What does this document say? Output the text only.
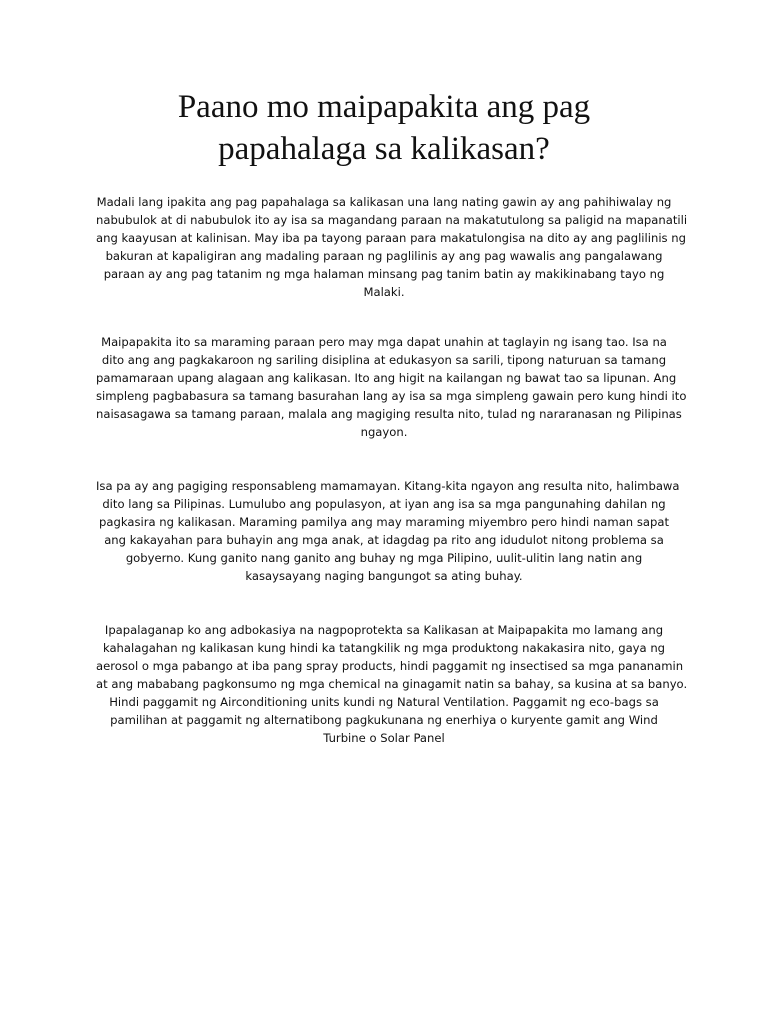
Paano mo maipapakita ang pag
papahalaga sa kalikasan?
Madali lang ipakita ang pag papahalaga sa kalikasan una lang nating gawin ay ang pahihiwalay ng
nabubulok at di nabubulok ito ay isa sa magandang paraan na makatutulong sa paligid na mapanatili
ang kaayusan at kalinisan. May iba pa tayong paraan para makatulongisa na dito ay ang paglilinis ng
bakuran at kapaligiran ang madaling paraan ng paglilinis ay ang pag wawalis ang pangalawang
paraan ay ang pag tatanim ng mga halaman minsang pag tanim batin ay makikinabang tayo ng
Malaki.
Maipapakita ito sa maraming paraan pero may mga dapat unahin at taglayin ng isang tao. Isa na
dito ang ang pagkakaroon ng sariling disiplina at edukasyon sa sarili, tipong naturuan sa tamang
pamamaraan upang alagaan ang kalikasan. Ito ang higit na kailangan ng bawat tao sa lipunan. Ang
simpleng pagbabasura sa tamang basurahan lang ay isa sa mga simpleng gawain pero kung hindi ito
naisasagawa sa tamang paraan, malala ang magiging resulta nito, tulad ng nararanasan ng Pilipinas
ngayon.
Isa pa ay ang pagiging responsableng mamamayan. Kitang-kita ngayon ang resulta nito, halimbawa
dito lang sa Pilipinas. Lumulubo ang populasyon, at iyan ang isa sa mga pangunahing dahilan ng
pagkasira ng kalikasan. Maraming pamilya ang may maraming miyembro pero hindi naman sapat
ang kakayahan para buhayin ang mga anak, at idagdag pa rito ang idudulot nitong problema sa
gobyerno. Kung ganito nang ganito ang buhay ng mga Pilipino, uulit-ulitin lang natin ang
kasaysayang naging bangungot sa ating buhay.
Ipapalaganap ko ang adbokasiya na nagpoprotekta sa Kalikasan at Maipapakita mo lamang ang
kahalagahan ng kalikasan kung hindi ka tatangkilik ng mga produktong nakakasira nito, gaya ng
aerosol o mga pabango at iba pang spray products, hindi paggamit ng insectised sa mga pananamin
at ang mababang pagkonsumo ng mga chemical na ginagamit natin sa bahay, sa kusina at sa banyo.
Hindi paggamit ng Airconditioning units kundi ng Natural Ventilation. Paggamit ng eco-bags sa
pamilihan at paggamit ng alternatibong pagkukunana ng enerhiya o kuryente gamit ang Wind
Turbine o Solar Panel
